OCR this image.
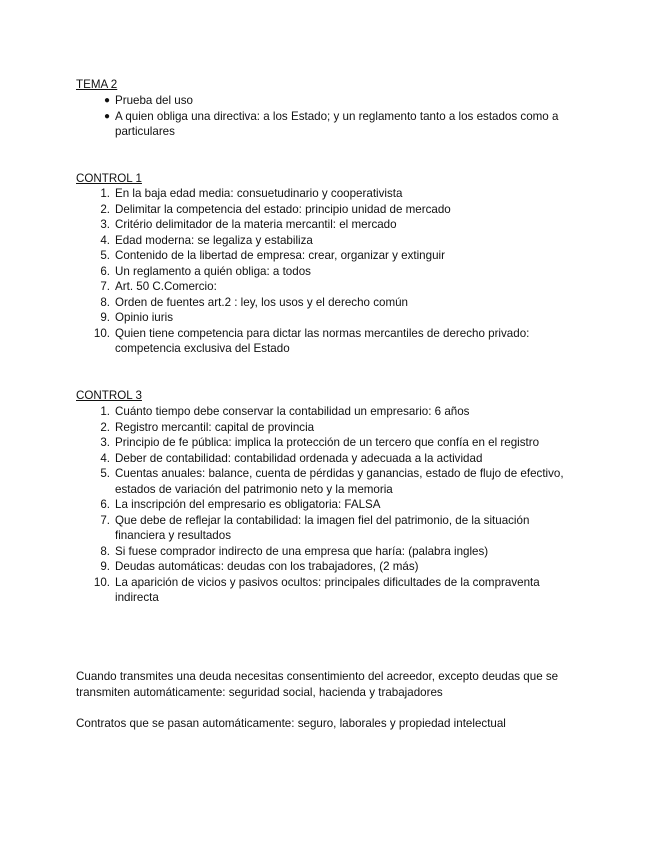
TEMA 2
● Prueba del uso
● A quien obliga una directiva: a los Estado; y un reglamento tanto a los estados como a particulares
CONTROL 1
1. En la baja edad media: consuetudinario y cooperativista
2. Delimitar la competencia del estado: principio unidad de mercado
3. Critério delimitador de la materia mercantil: el mercado
4. Edad moderna: se legaliza y estabiliza
5. Contenido de la libertad de empresa: crear, organizar y extinguir
6. Un reglamento a quién obliga: a todos
7. Art. 50 C.Comercio:
8. Orden de fuentes art.2 : ley, los usos y el derecho común
9. Opinio iuris
10. Quien tiene competencia para dictar las normas mercantiles de derecho privado: competencia exclusiva del Estado
CONTROL 3
1. Cuánto tiempo debe conservar la contabilidad un empresario: 6 años
2. Registro mercantil: capital de provincia
3. Principio de fe pública: implica la protección de un tercero que confía en el registro
4. Deber de contabilidad: contabilidad ordenada y adecuada a la actividad
5. Cuentas anuales: balance, cuenta de pérdidas y ganancias, estado de flujo de efectivo, estados de variación del patrimonio neto y la memoria
6. La inscripción del empresario es obligatoria: FALSA
7. Que debe de reflejar la contabilidad: la imagen fiel del patrimonio, de la situación financiera y resultados
8. Si fuese comprador indirecto de una empresa que haría: (palabra ingles)
9. Deudas automáticas: deudas con los trabajadores, (2 más)
10. La aparición de vicios y pasivos ocultos: principales dificultades de la compraventa indirecta

Cuando transmites una deuda necesitas consentimiento del acreedor, excepto deudas que se transmiten automáticamente: seguridad social, hacienda y trabajadores

Contratos que se pasan automáticamente: seguro, laborales y propiedad intelectual
